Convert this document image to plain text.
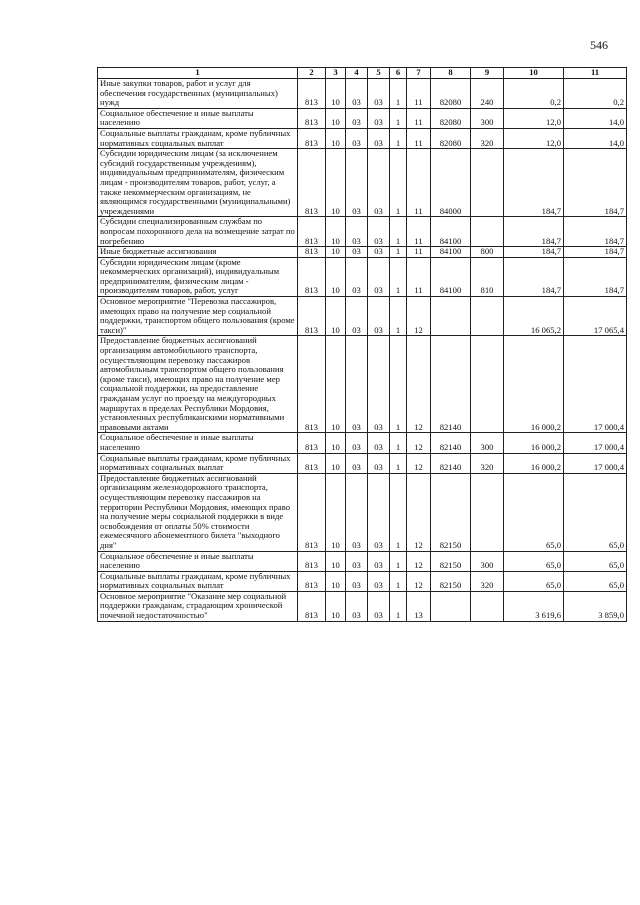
546
1	2	3	4	5	6	7	8	9	10	11
Иные закупки товаров, работ и услуг для обеспечения государственных (муниципальных) нужд	813	10	03	03	1	11	82080	240	0,2	0,2
Социальное обеспечение и иные выплаты населению	813	10	03	03	1	11	82080	300	12,0	14,0
Социальные выплаты гражданам, кроме публичных нормативных социальных выплат	813	10	03	03	1	11	82080	320	12,0	14,0
Субсидии юридическим лицам (за исключением субсидий государственным учреждениям), индивидуальным предпринимателям, физическим лицам - производителям товаров, работ, услуг, а также некоммерческим организациям, не являющимся государственными (муниципальными) учреждениями	813	10	03	03	1	11	84000		184,7	184,7
Субсидии специализированным службам по вопросам похоронного дела на возмещение затрат по погребению	813	10	03	03	1	11	84100		184,7	184,7
Иные бюджетные ассигнования	813	10	03	03	1	11	84100	800	184,7	184,7
Субсидии юридическим лицам (кроме некоммерческих организаций), индивидуальным предпринимателям, физическим лицам - производителям товаров, работ, услуг	813	10	03	03	1	11	84100	810	184,7	184,7
Основное мероприятие "Перевозка пассажиров, имеющих право на получение мер социальной поддержки, транспортом общего пользования (кроме такси)"	813	10	03	03	1	12			16 065,2	17 065,4
Предоставление бюджетных ассигнований организациям автомобильного транспорта, осуществляющим перевозку пассажиров автомобильным транспортом общего пользования (кроме такси), имеющих право на получение мер социальной поддержки, на предоставление гражданам услуг по проезду на междугородных маршрутах в пределах Республики Мордовия, установленных республиканскими нормативными правовыми актами	813	10	03	03	1	12	82140		16 000,2	17 000,4
Социальное обеспечение и иные выплаты населению	813	10	03	03	1	12	82140	300	16 000,2	17 000,4
Социальные выплаты гражданам, кроме публичных нормативных социальных выплат	813	10	03	03	1	12	82140	320	16 000,2	17 000,4
Предоставление бюджетных ассигнований организациям железнодорожного транспорта, осуществляющим перевозку пассажиров на территории Республики Мордовия, имеющих право на получение меры социальной поддержки в виде освобождения от оплаты 50% стоимости ежемесячного абонементного билета "выходного дня"	813	10	03	03	1	12	82150		65,0	65,0
Социальное обеспечение и иные выплаты населению	813	10	03	03	1	12	82150	300	65,0	65,0
Социальные выплаты гражданам, кроме публичных нормативных социальных выплат	813	10	03	03	1	12	82150	320	65,0	65,0
Основное мероприятие "Оказание мер социальной поддержки гражданам, страдающим хронической почечной недостаточностью"	813	10	03	03	1	13			3 619,6	3 859,0
